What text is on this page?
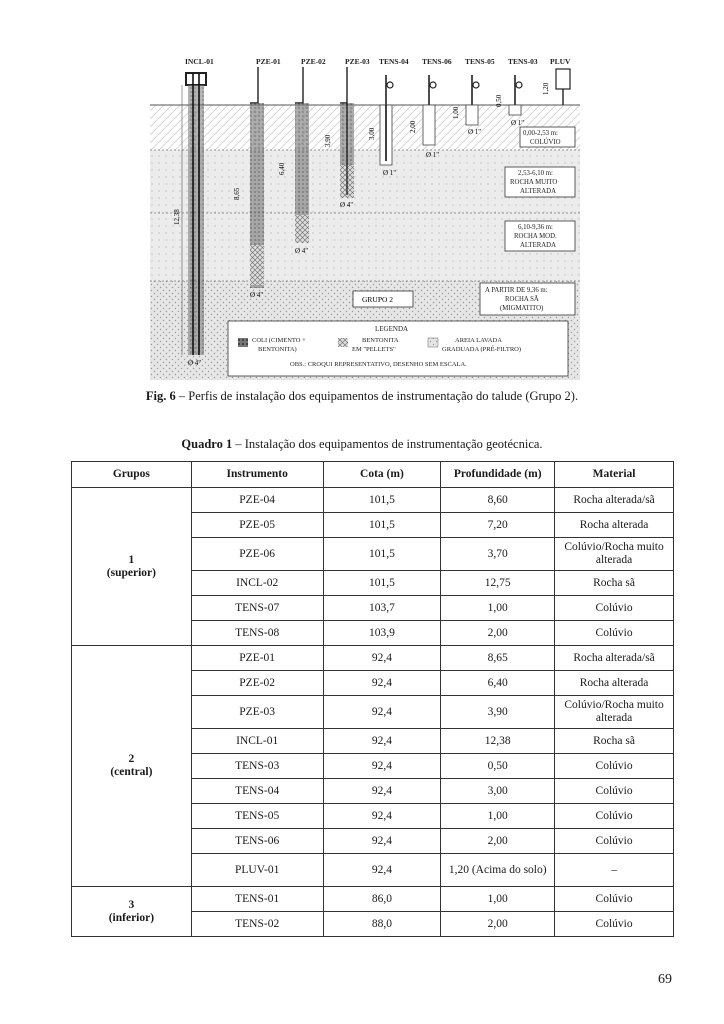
INCL-01	PZE-01	PZE-02	PZE-03 TENS-04 TENS-06 TENS-05 TENS-03 PLUV
12,38
Ø 4"
8,65
Ø 4"
6,40
Ø 4"
3,90
Ø 4"
3,00
Ø 1"
2,00
Ø 1"
1,00
Ø 1"
0,50
Ø 1"
1,20
0,00-2,53 m:
COLÚVIO
2,53-6,10 m:
ROCHA MUITO
ALTERADA
6,10-9,36 m:
ROCHA MOD.
ALTERADA
A PARTIR DE 9,36 m:
ROCHA SÃ
(MIGMATITO)
GRUPO 2
LEGENDA
COLI (CIMENTO +
BENTONITA)
BENTONITA
EM "PELLETS"
AREIA LAVADA
GRADUADA (PRÉ-FILTRO)
OBS.: CROQUI REPRESENTATIVO, DESENHO SEM ESCALA.
Fig. 6 – Perfis de instalação dos equipamentos de instrumentação do talude (Grupo 2).
Quadro 1 – Instalação dos equipamentos de instrumentação geotécnica.
Grupos	Instrumento	Cota (m)	Profundidade (m)	Material

1
(superior)	PZE-04	101,5	8,60	Rocha alterada/sã
	PZE-05	101,5	7,20	Rocha alterada
	PZE-06	101,5	3,70	Colúvio/Rocha muito alterada
	INCL-02	101,5	12,75	Rocha sã
	TENS-07	103,7	1,00	Colúvio
	TENS-08	103,9	2,00	Colúvio

2
(central)	PZE-01	92,4	8,65	Rocha alterada/sã
	PZE-02	92,4	6,40	Rocha alterada
	PZE-03	92,4	3,90	Colúvio/Rocha muito alterada
	INCL-01	92,4	12,38	Rocha sã
	TENS-03	92,4	0,50	Colúvio
	TENS-04	92,4	3,00	Colúvio
	TENS-05	92,4	1,00	Colúvio
	TENS-06	92,4	2,00	Colúvio
	PLUV-01	92,4	1,20 (Acima do solo)	–

3
(inferior)	TENS-01	86,0	1,00	Colúvio
	TENS-02	88,0	2,00	Colúvio
69
